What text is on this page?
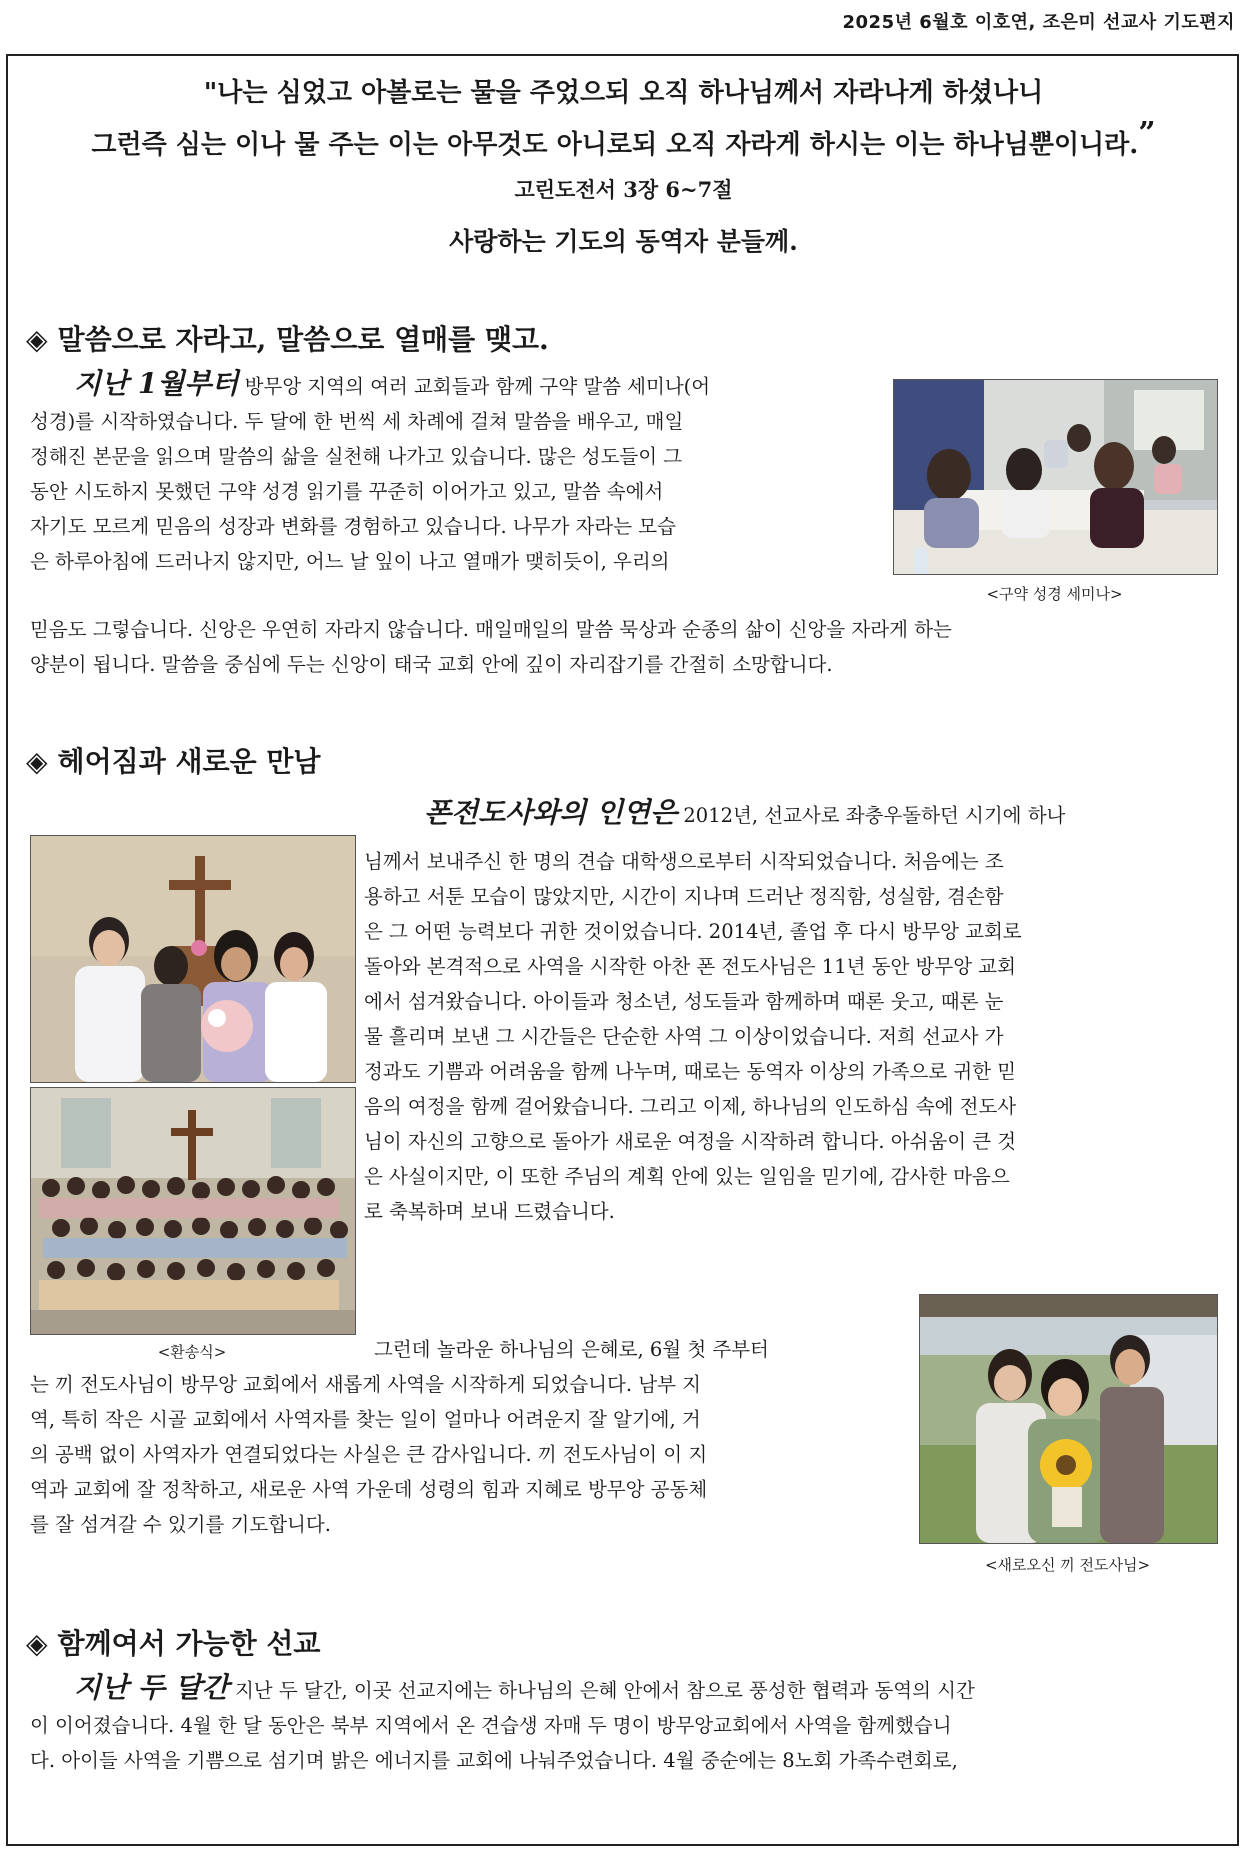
2025년 6월호 이호연, 조은미 선교사 기도편지
"나는 심었고 아볼로는 물을 주었으되 오직 하나님께서 자라나게 하셨나니
그런즉 심는 이나 물 주는 이는 아무것도 아니로되 오직 자라게 하시는 이는 하나님뿐이니라.”
고린도전서 3장 6~7절
사랑하는 기도의 동역자 분들께.
◈ 말씀으로 자라고, 말씀으로 열매를 맺고.
지난 1월부터 방무앙 지역의 여러 교회들과 함께 구약 말씀 세미나(어
성경)를 시작하였습니다. 두 달에 한 번씩 세 차례에 걸쳐 말씀을 배우고, 매일
정해진 본문을 읽으며 말씀의 삶을 실천해 나가고 있습니다. 많은 성도들이 그
동안 시도하지 못했던 구약 성경 읽기를 꾸준히 이어가고 있고, 말씀 속에서
자기도 모르게 믿음의 성장과 변화를 경험하고 있습니다. 나무가 자라는 모습
은 하루아침에 드러나지 않지만, 어느 날 잎이 나고 열매가 맺히듯이, 우리의
믿음도 그렇습니다. 신앙은 우연히 자라지 않습니다. 매일매일의 말씀 묵상과 순종의 삶이 신앙을 자라게 하는
양분이 됩니다. 말씀을 중심에 두는 신앙이 태국 교회 안에 깊이 자리잡기를 간절히 소망합니다.
<구약 성경 세미나>
◈ 헤어짐과 새로운 만남
폰전도사와의 인연은 2012년, 선교사로 좌충우돌하던 시기에 하나
님께서 보내주신 한 명의 견습 대학생으로부터 시작되었습니다. 처음에는 조
용하고 서툰 모습이 많았지만, 시간이 지나며 드러난 정직함, 성실함, 겸손함
은 그 어떤 능력보다 귀한 것이었습니다. 2014년, 졸업 후 다시 방무앙 교회로
돌아와 본격적으로 사역을 시작한 아찬 폰 전도사님은 11년 동안 방무앙 교회
에서 섬겨왔습니다. 아이들과 청소년, 성도들과 함께하며 때론 웃고, 때론 눈
물 흘리며 보낸 그 시간들은 단순한 사역 그 이상이었습니다. 저희 선교사 가
정과도 기쁨과 어려움을 함께 나누며, 때로는 동역자 이상의 가족으로 귀한 믿
음의 여정을 함께 걸어왔습니다. 그리고 이제, 하나님의 인도하심 속에 전도사
님이 자신의 고향으로 돌아가 새로운 여정을 시작하려 합니다. 아쉬움이 큰 것
은 사실이지만, 이 또한 주님의 계획 안에 있는 일임을 믿기에, 감사한 마음으
로 축복하며 보내 드렸습니다.
<환송식>	그런데 놀라운 하나님의 은혜로, 6월 첫 주부터
는 끼 전도사님이 방무앙 교회에서 새롭게 사역을 시작하게 되었습니다. 남부 지
역, 특히 작은 시골 교회에서 사역자를 찾는 일이 얼마나 어려운지 잘 알기에, 거
의 공백 없이 사역자가 연결되었다는 사실은 큰 감사입니다. 끼 전도사님이 이 지
역과 교회에 잘 정착하고, 새로운 사역 가운데 성령의 힘과 지혜로 방무앙 공동체
를 잘 섬겨갈 수 있기를 기도합니다.
<새로오신 끼 전도사님>
◈ 함께여서 가능한 선교
지난 두 달간 지난 두 달간, 이곳 선교지에는 하나님의 은혜 안에서 참으로 풍성한 협력과 동역의 시간
이 이어졌습니다. 4월 한 달 동안은 북부 지역에서 온 견습생 자매 두 명이 방무앙교회에서 사역을 함께했습니
다. 아이들 사역을 기쁨으로 섬기며 밝은 에너지를 교회에 나눠주었습니다. 4월 중순에는 8노회 가족수련회로,
